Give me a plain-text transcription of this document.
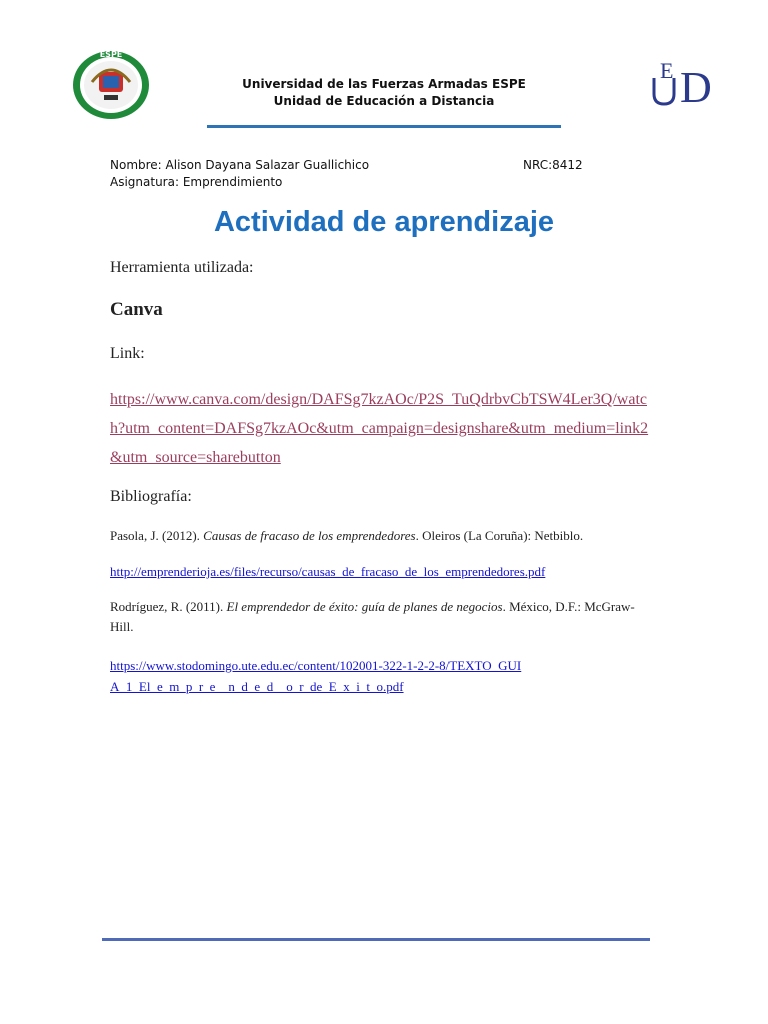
ESPE
E D
Universidad de las Fuerzas Armadas ESPE
Unidad de Educación a Distancia
Nombre: Alison Dayana Salazar Guallichico	NRC:8412
Asignatura: Emprendimiento
Actividad de aprendizaje
Herramienta utilizada:
Canva
Link:
https://www.canva.com/design/DAFSg7kzAOc/P2S_TuQdrbvCbTSW4Ler3Q/watch?utm_content=DAFSg7kzAOc&utm_campaign=designshare&utm_medium=link2&utm_source=sharebutton
Bibliografía:
Pasola, J. (2012). Causas de fracaso de los emprendedores. Oleiros (La Coruña): Netbiblo.
http://emprenderioja.es/files/recurso/causas_de_fracaso_de_los_emprendedores.pdf
Rodríguez, R. (2011). El emprendedor de éxito: guía de planes de negocios. México, D.F.: McGraw-Hill.
https://www.stodomingo.ute.edu.ec/content/102001-322-1-2-2-8/TEXTO_GUIA_1_El_e_m_p_r_e__n_d_e_d__o_r_de_E_x_i_t_o.pdf
